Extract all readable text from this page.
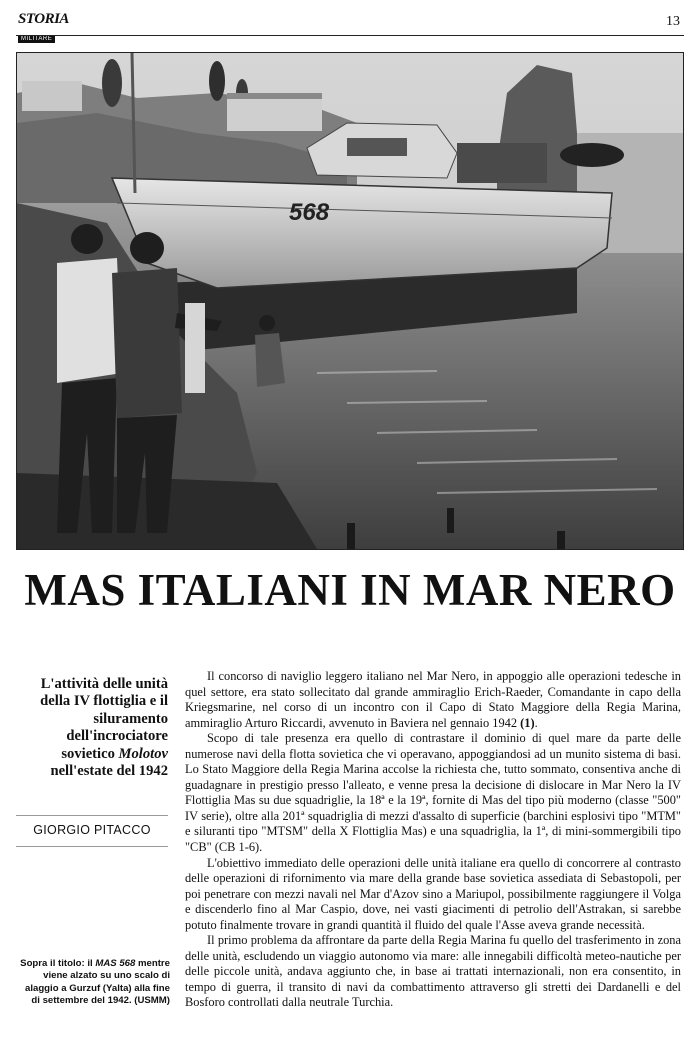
STORIA
MILITARE
13
568
MAS ITALIANI IN MAR NERO

L'attività delle unità della IV flottiglia e il siluramento dell'incrociatore sovietico Molotov nell'estate del 1942

GIORGIO PITACCO
Sopra il titolo: il MAS 568 mentre viene alzato su uno scalo di alaggio a Gurzuf (Yalta) alla fine di settembre del 1942. (USMM)

Il concorso di naviglio leggero italiano nel Mar Nero, in appoggio alle operazioni tedesche in quel settore, era stato sollecitato dal grande ammiraglio Erich-Raeder, Comandante in capo della Kriegsmarine, nel corso di un incontro con il Capo di Stato Maggiore della Regia Marina, ammiraglio Arturo Riccardi, avvenuto in Baviera nel gennaio 1942 (1).

Scopo di tale presenza era quello di contrastare il dominio di quel mare da parte delle numerose navi della flotta sovietica che vi operavano, appoggiandosi ad un munito sistema di basi. Lo Stato Maggiore della Regia Marina accolse la richiesta che, tutto sommato, consentiva anche di guadagnare in prestigio presso l'alleato, e venne presa la decisione di dislocare in Mar Nero la IV Flottiglia Mas su due squadriglie, la 18ª e la 19ª, fornite di Mas del tipo più moderno (classe "500" IV serie), oltre alla 201ª squadriglia di mezzi d'assalto di superficie (barchini esplosivi tipo "MTM" e siluranti tipo "MTSM" della X Flottiglia Mas) e una squadriglia, la 1ª, di mini-sommergibili tipo "CB" (CB 1-6).

L'obiettivo immediato delle operazioni delle unità italiane era quello di concorrere al contrasto delle operazioni di rifornimento via mare della grande base sovietica assediata di Sebastopoli, per poi penetrare con mezzi navali nel Mar d'Azov sino a Mariupol, possibilmente raggiungere il Volga e discenderlo fino al Mar Caspio, dove, nei vasti giacimenti di petrolio dell'Astrakan, si sarebbe potuto finalmente trovare in grandi quantità il fluido del quale l'Asse aveva grande necessità.

Il primo problema da affrontare da parte della Regia Marina fu quello del trasferimento in zona delle unità, escludendo un viaggio autonomo via mare: alle innegabili difficoltà meteo-nautiche per delle piccole unità, andava aggiunto che, in base ai trattati internazionali, non era consentito, in tempo di guerra, il transito di navi da combattimento attraverso gli stretti dei Dardanelli e del Bosforo controllati dalla neutrale Turchia.
